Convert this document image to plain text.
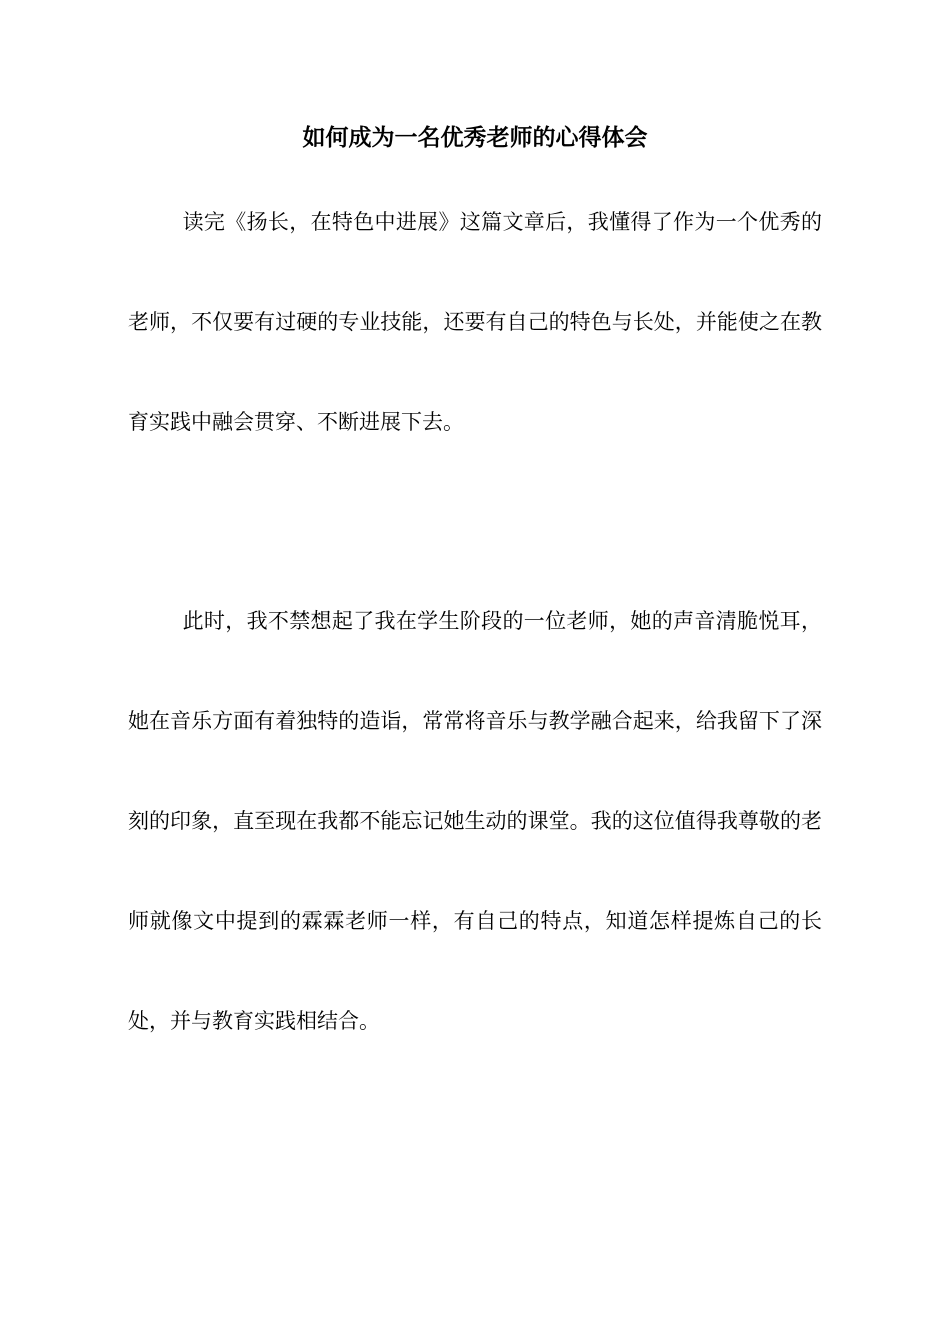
如何成为一名优秀老师的心得体会

读完《扬长，在特色中进展》这篇文章后，我懂得了作为一个优秀的老师，不仅要有过硬的专业技能，还要有自己的特色与长处，并能使之在教育实践中融会贯穿、不断进展下去。

此时，我不禁想起了我在学生阶段的一位老师，她的声音清脆悦耳，她在音乐方面有着独特的造诣，常常将音乐与教学融合起来，给我留下了深刻的印象，直至现在我都不能忘记她生动的课堂。我的这位值得我尊敬的老师就像文中提到的霖霖老师一样，有自己的特点，知道怎样提炼自己的长处，并与教育实践相结合。
